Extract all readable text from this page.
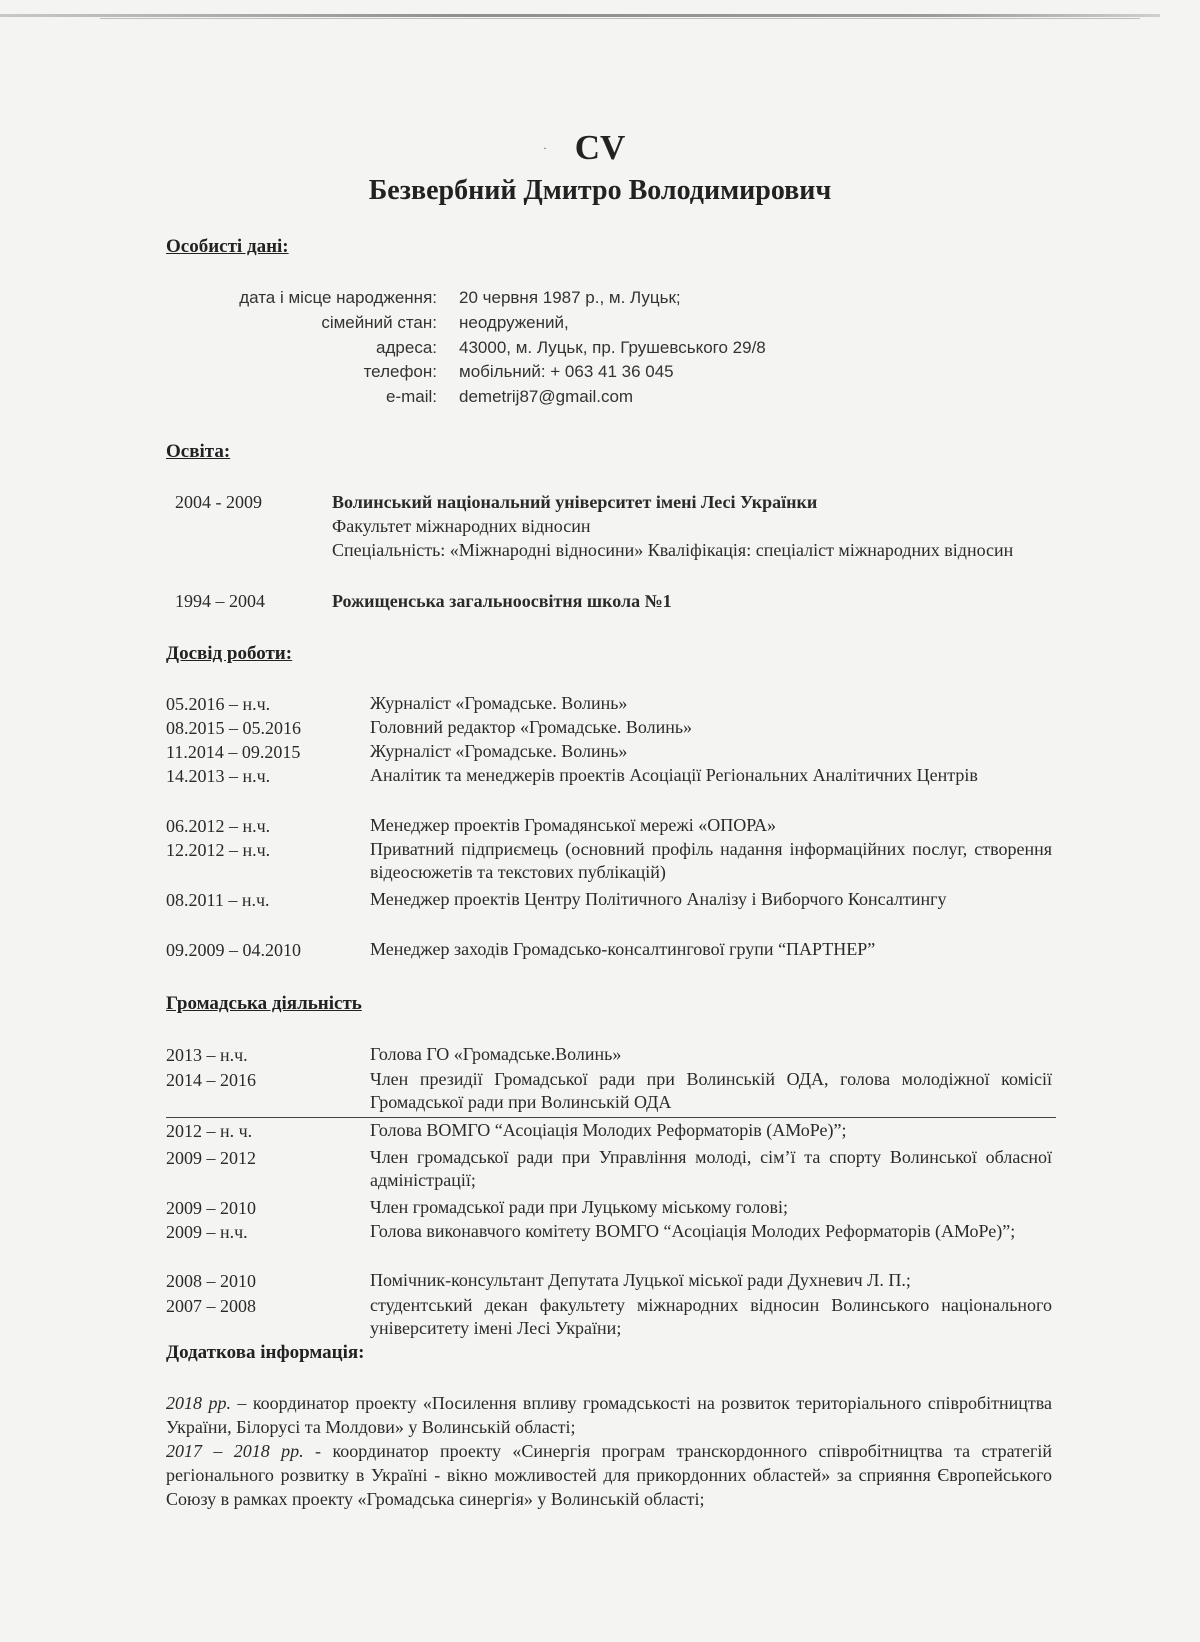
· CV
Безвербний Дмитро Володимирович
Особисті дані:
дата і місце народження: 20 червня 1987 р., м. Луцьк;
сімейний стан: неодружений,
адреса: 43000, м. Луцьк, пр. Грушевського 29/8
телефон: мобільний: + 063 41 36 045
e-mail: demetrij87@gmail.com
Освіта:
2004 - 2009	Волинський національний університет імені Лесі Українки
Факультет міжнародних відносин
Спеціальність: «Міжнародні відносини» Кваліфікація: спеціаліст міжнародних відносин
1994 – 2004	Рожищенська загальноосвітня школа №1
Досвід роботи:
05.2016 – н.ч.	Журналіст «Громадське. Волинь»
08.2015 – 05.2016	Головний редактор «Громадське. Волинь»
11.2014 – 09.2015	Журналіст «Громадське. Волинь»
14.2013 – н.ч.	Аналітик та менеджерів проектів Асоціації Регіональних Аналітичних Центрів
06.2012 – н.ч.	Менеджер проектів Громадянської мережі «ОПОРА»
12.2012 – н.ч.	Приватний підприємець (основний профіль надання інформаційних послуг, створення відеосюжетів та текстових публікацій)
08.2011 – н.ч.	Менеджер проектів Центру Політичного Аналізу і Виборчого Консалтингу
09.2009 – 04.2010	Менеджер заходів Громадсько-консалтингової групи “ПАРТНЕР”
Громадська діяльність
2013 – н.ч.	Голова ГО «Громадське.Волинь»
2014 – 2016	Член президії Громадської ради при Волинській ОДА, голова молодіжної комісії Громадської ради при Волинській ОДА
2012 – н. ч.	Голова ВОМГО “Асоціація Молодих Реформаторів (АМоРе)”;
2009 – 2012	Член громадської ради при Управління молоді, сім’ї та спорту Волинської обласної адміністрації;
2009 – 2010	Член громадської ради при Луцькому міському голові;
2009 – н.ч.	Голова виконавчого комітету ВОМГО “Асоціація Молодих Реформаторів (АМоРе)”;
2008 – 2010	Помічник-консультант Депутата Луцької міської ради Духневич Л. П.;
2007 – 2008	студентський декан факультету міжнародних відносин Волинського національного університету імені Лесі України;
Додаткова інформація:
2018 рр. – координатор проекту «Посилення впливу громадськості на розвиток територіального співробітництва України, Білорусі та Молдови» у Волинській області;
2017 – 2018 рр. - координатор проекту «Синергія програм транскордонного співробітництва та стратегій регіонального розвитку в Україні - вікно можливостей для прикордонних областей» за сприяння Європейського Союзу в рамках проекту «Громадська синергія» у Волинській області;
